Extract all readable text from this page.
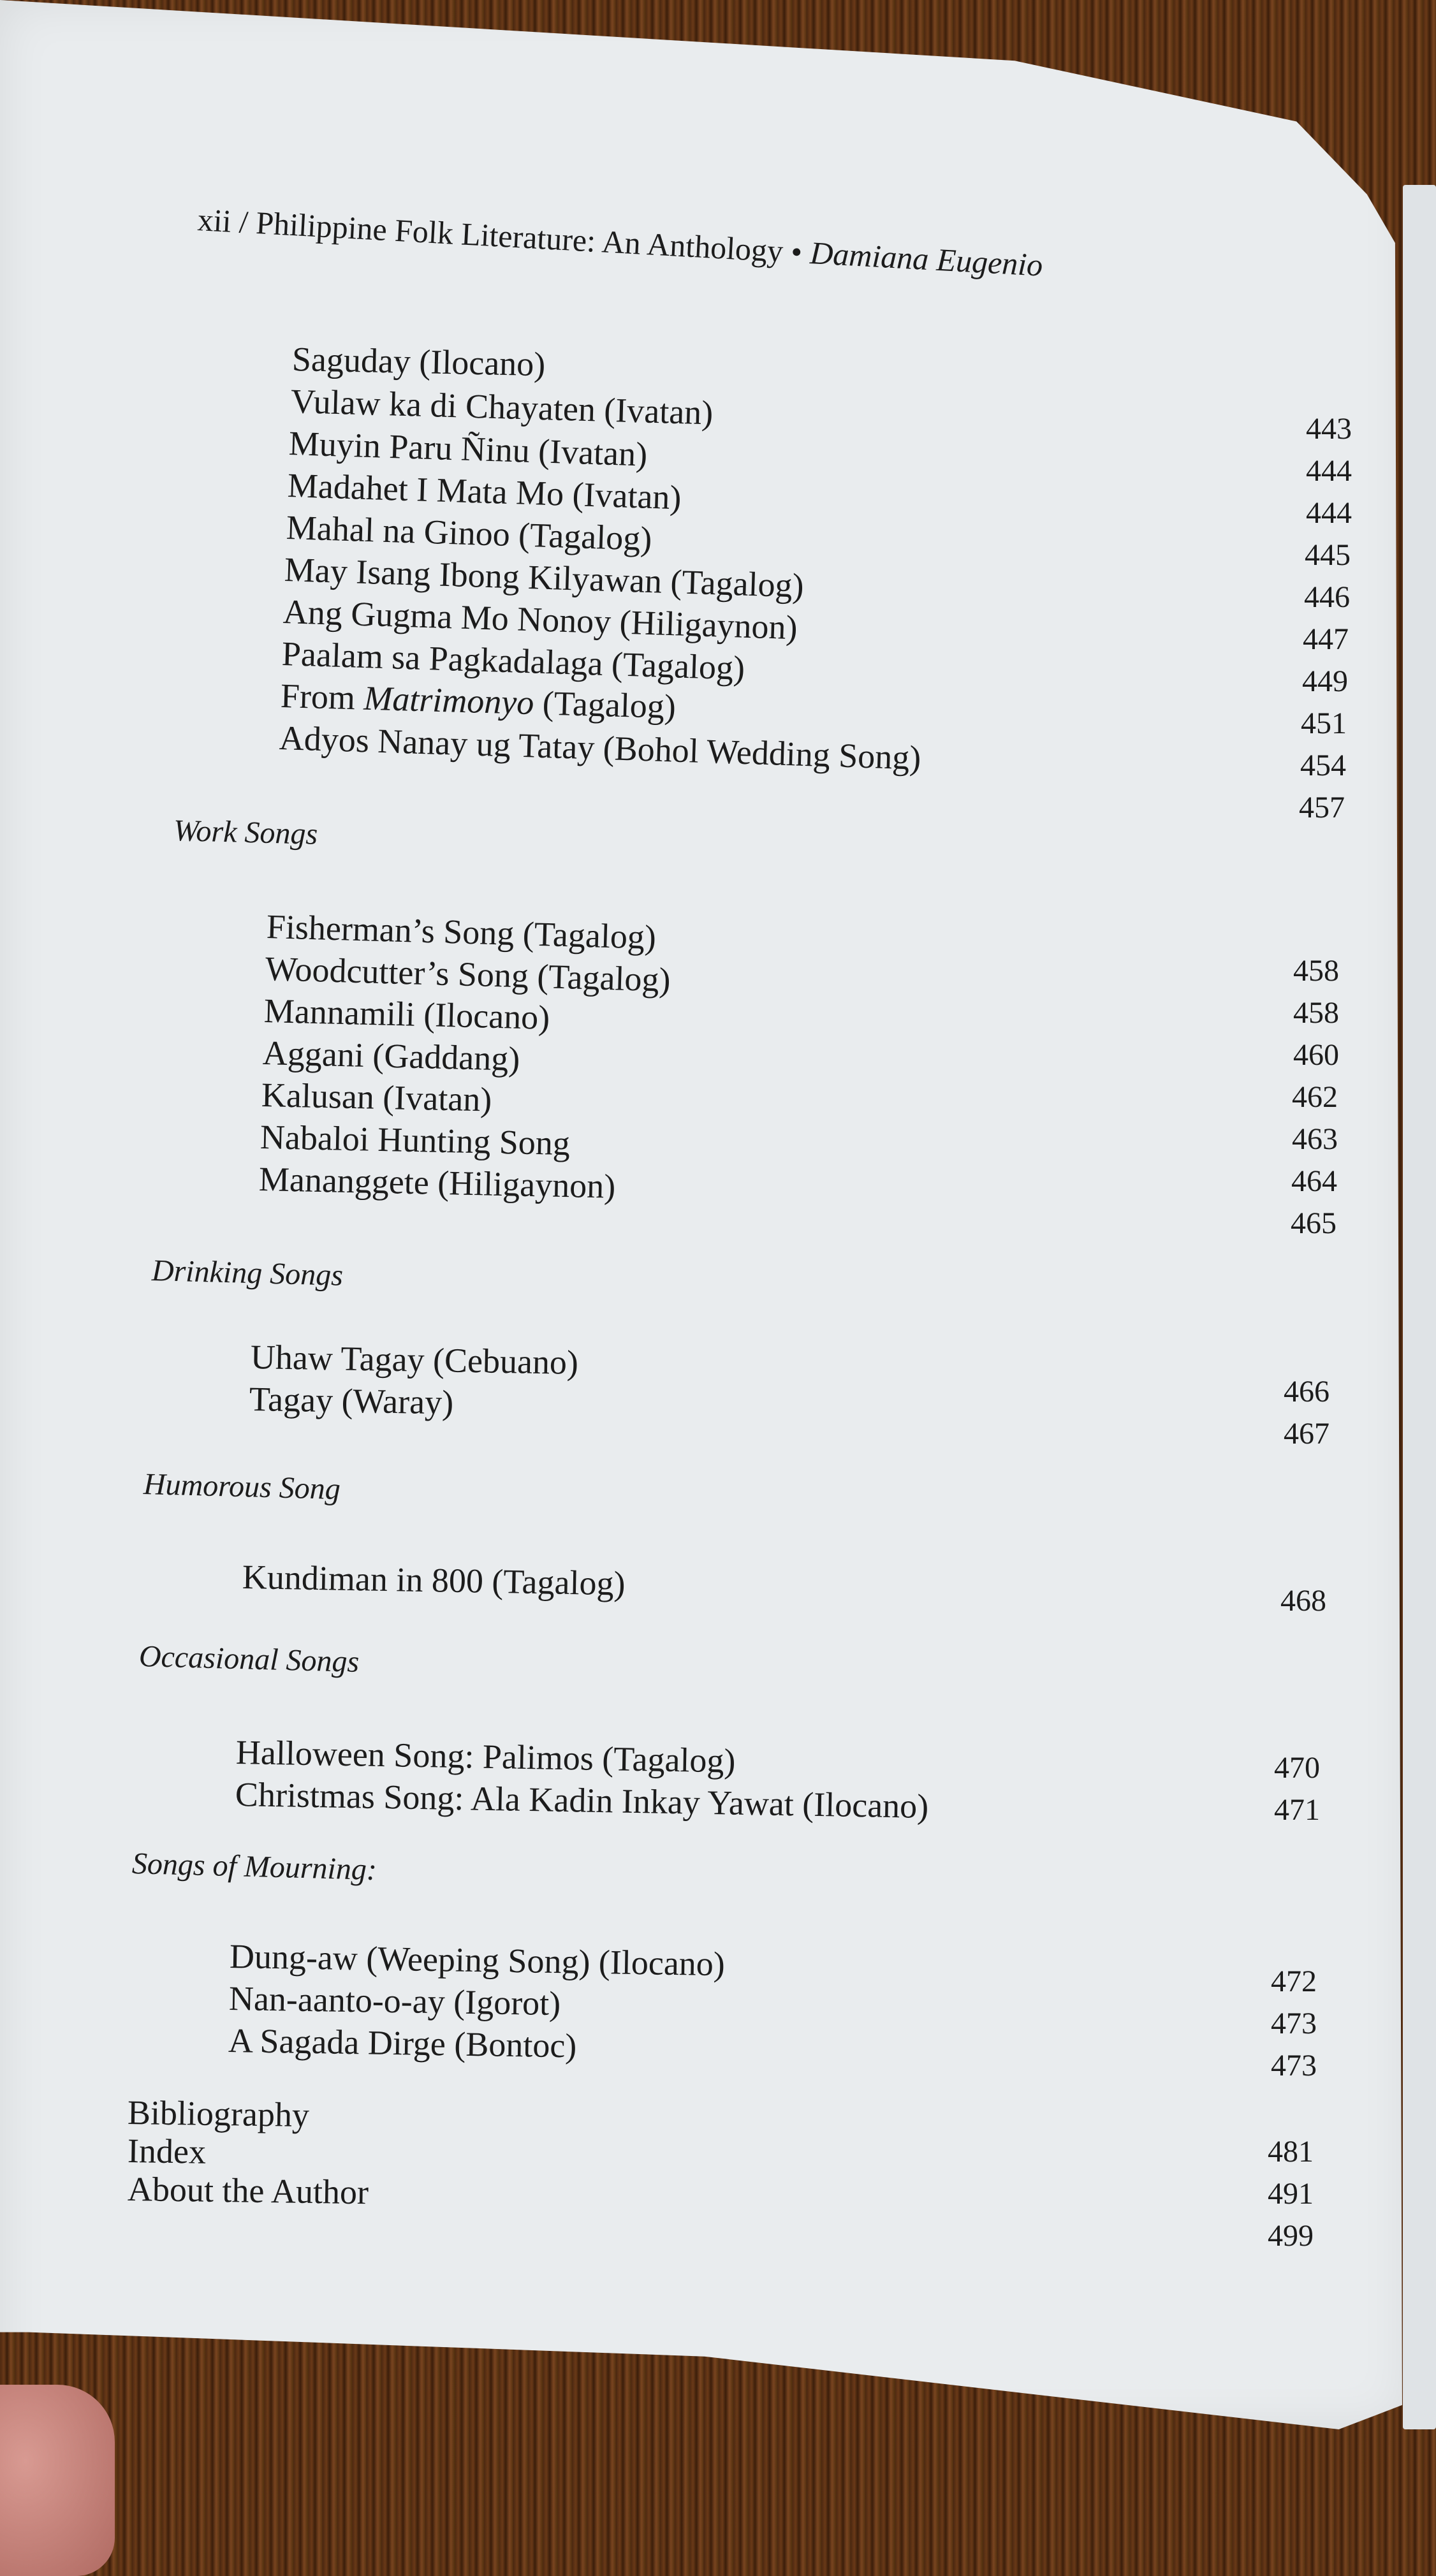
xii / Philippine Folk Literature: An Anthology • Damiana Eugenio
Saguday (Ilocano)
Vulaw ka di Chayaten (Ivatan)
Muyin Paru Ñinu (Ivatan)
Madahet I Mata Mo (Ivatan)
Mahal na Ginoo (Tagalog)
May Isang Ibong Kilyawan (Tagalog)
Ang Gugma Mo Nonoy (Hiligaynon)
Paalam sa Pagkadalaga (Tagalog)
From Matrimonyo (Tagalog)
Adyos Nanay ug Tatay (Bohol Wedding Song)
443
444
444
445
446
447
449
451
454
457
Work Songs
Fisherman’s Song (Tagalog)
Woodcutter’s Song (Tagalog)
Mannamili (Ilocano)
Aggani (Gaddang)
Kalusan (Ivatan)
Nabaloi Hunting Song
Mananggete (Hiligaynon)
458
458
460
462
463
464
465
Drinking Songs
Uhaw Tagay (Cebuano)
Tagay (Waray)	466
467
Humorous Song
Kundiman in 800 (Tagalog)	468
Occasional Songs
Halloween Song: Palimos (Tagalog)
Christmas Song: Ala Kadin Inkay Yawat (Ilocano)
470
471
Songs of Mourning:
Dung-aw (Weeping Song) (Ilocano)
Nan-aanto-o-ay (Igorot)
A Sagada Dirge (Bontoc)
472
473
473
Bibliography
Index
About the Author
481
491
499
